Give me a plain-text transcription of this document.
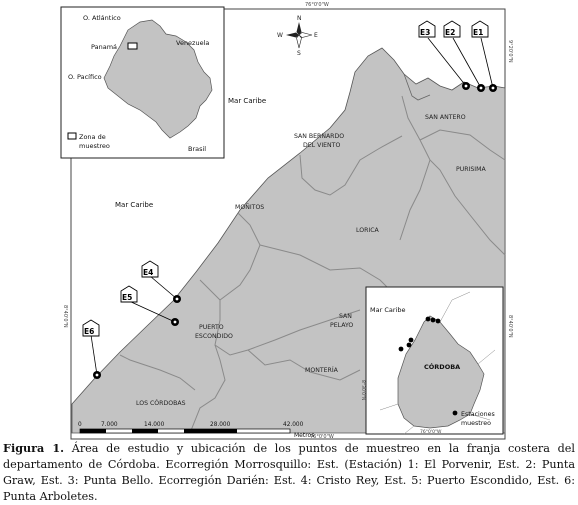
76°0'0"W
76°0'0"W
9°20'0"N
8°40'0"N	8°40'0"N
N
S
E
W
Mar Caribe
Mar Caribe
SAN ANTERO
SAN BERNARDO
DEL VIENTO
PURISIMA
MOÑITOS
LORICA
PUERTO
ESCONDIDO
SAN
PELAYO
MONTERÍA
LOS CÓRDOBAS
E1
E2
E3
E4
E5
E6
0	7.000	14.000	28.000	42.000
Metros
O. Atlántico
Panamá	Venezuela
O. Pacífico
Brasil
Zona de
muestreo
Mar Caribe
CÓRDOBA
Estaciones
muestreo
8°30'0"N
76°0'0"W
Figura 1. Área de estudio y ubicación de los puntos de muestreo en la franja costera del departamento de Córdoba. Ecorregión Morrosquillo: Est. (Estación) 1: El Porvenir, Est. 2: Punta Graw, Est. 3: Punta Bello. Ecorregión Darién: Est. 4: Cristo Rey, Est. 5: Puerto Escondido, Est. 6: Punta Arboletes.
